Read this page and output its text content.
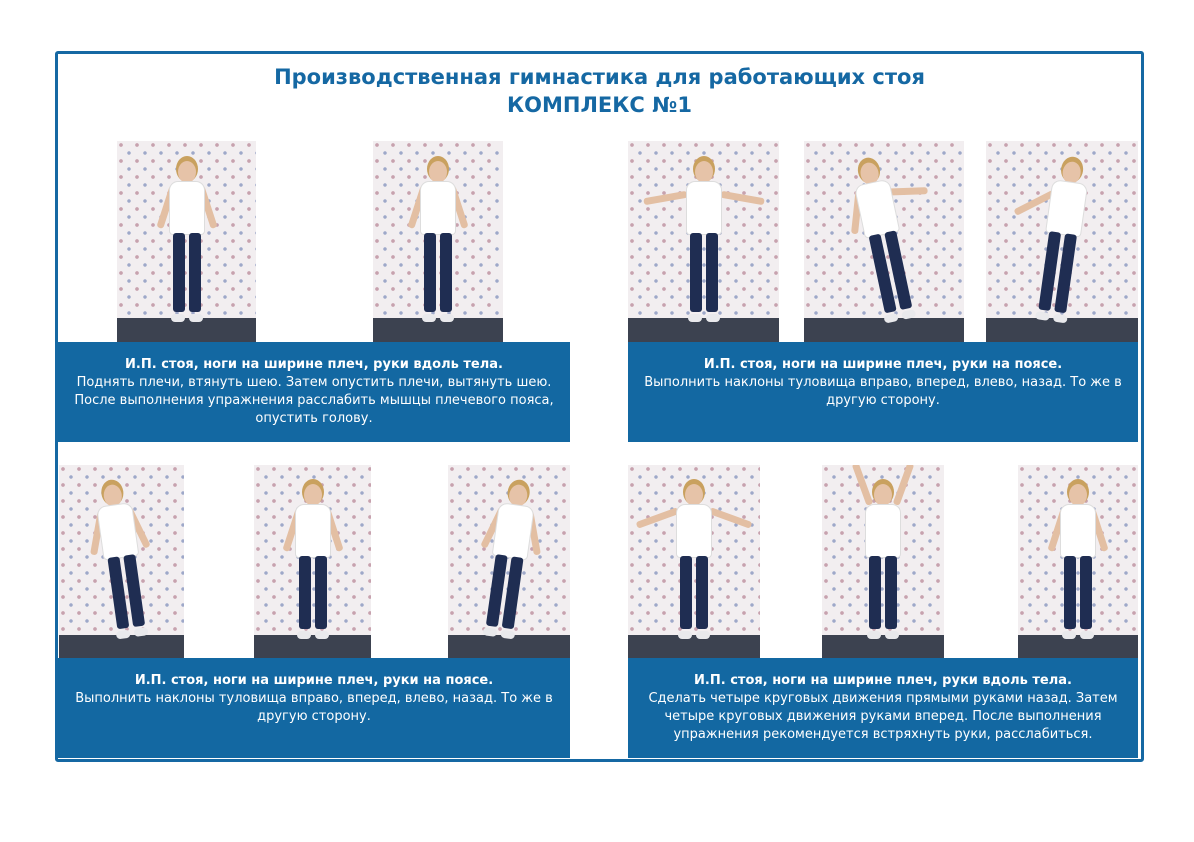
Производственная гимнастика для работающих стоя
КОМПЛЕКС №1
И.П. стоя, ноги на ширине плеч, руки вдоль тела.
Поднять плечи, втянуть шею. Затем опустить плечи, вытянуть шею. После выполнения упражнения расслабить мышцы плечевого пояса, опустить голову.
И.П. стоя, ноги на ширине плеч, руки на поясе.
Выполнить наклоны туловища вправо, вперед, влево, назад. То же в другую сторону.
И.П. стоя, ноги на ширине плеч, руки на поясе.
Выполнить наклоны туловища вправо, вперед, влево, назад. То же в другую сторону.
И.П. стоя, ноги на ширине плеч, руки вдоль тела.
Сделать четыре круговых движения прямыми руками назад. Затем четыре круговых движения руками вперед. После выполнения упражнения рекомендуется встряхнуть руки, расслабиться.
